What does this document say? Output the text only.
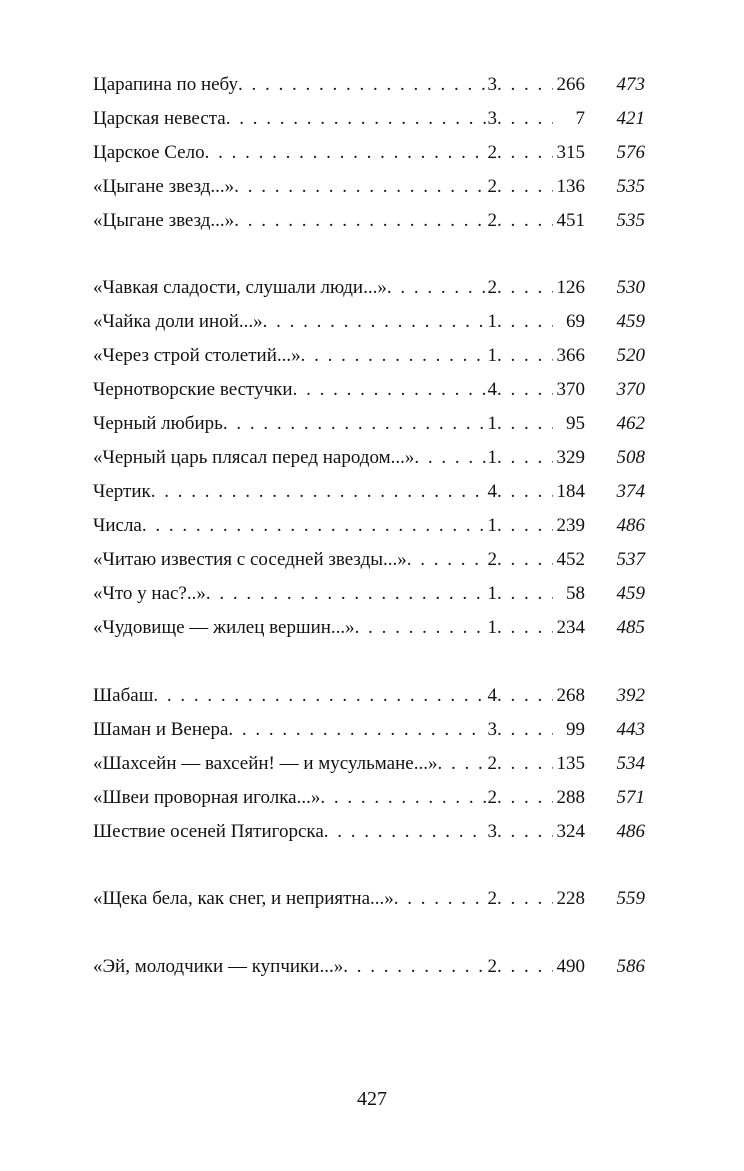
Царапина по небу . . .	3 . . .	266	473
Царская невеста . . .	3 . . .	7	421
Царское Село . . .	2 . . .	315	576
«Цыгане звезд...» . . .	2 . . .	136	535
«Цыгане звезд...» . . .	2 . . .	451	535
«Чавкая сладости, слушали люди...» . . .	2 . . .	126	530
«Чайка доли иной...» . . .	1 . . .	69	459
«Через строй столетий...» . . .	1 . . .	366	520
Чернотворские вестучки . . .	4 . . .	370	370
Черный любирь . . .	1 . . .	95	462
«Черный царь плясал перед народом...» . . .	1 . . .	329	508
Чертик . . .	4 . . .	184	374
Числа . . .	1 . . .	239	486
«Читаю известия с соседней звезды...» . . .	2 . . .	452	537
«Что у нас?..» . . .	1 . . .	58	459
«Чудовище — жилец вершин...» . . .	1 . . .	234	485
Шабаш . . .	4 . . .	268	392
Шаман и Венера . . .	3 . . .	99	443
«Шахсейн — вахсейн! — и мусульмане...» . . .	2 . . .	135	534
«Швеи проворная иголка...» . . .	2 . . .	288	571
Шествие осеней Пятигорска . . .	3 . . .	324	486
«Щека бела, как снег, и неприятна...» . . .	2 . . .	228	559
«Эй, молодчики — купчики...» . . .	2 . . .	490	586
427
